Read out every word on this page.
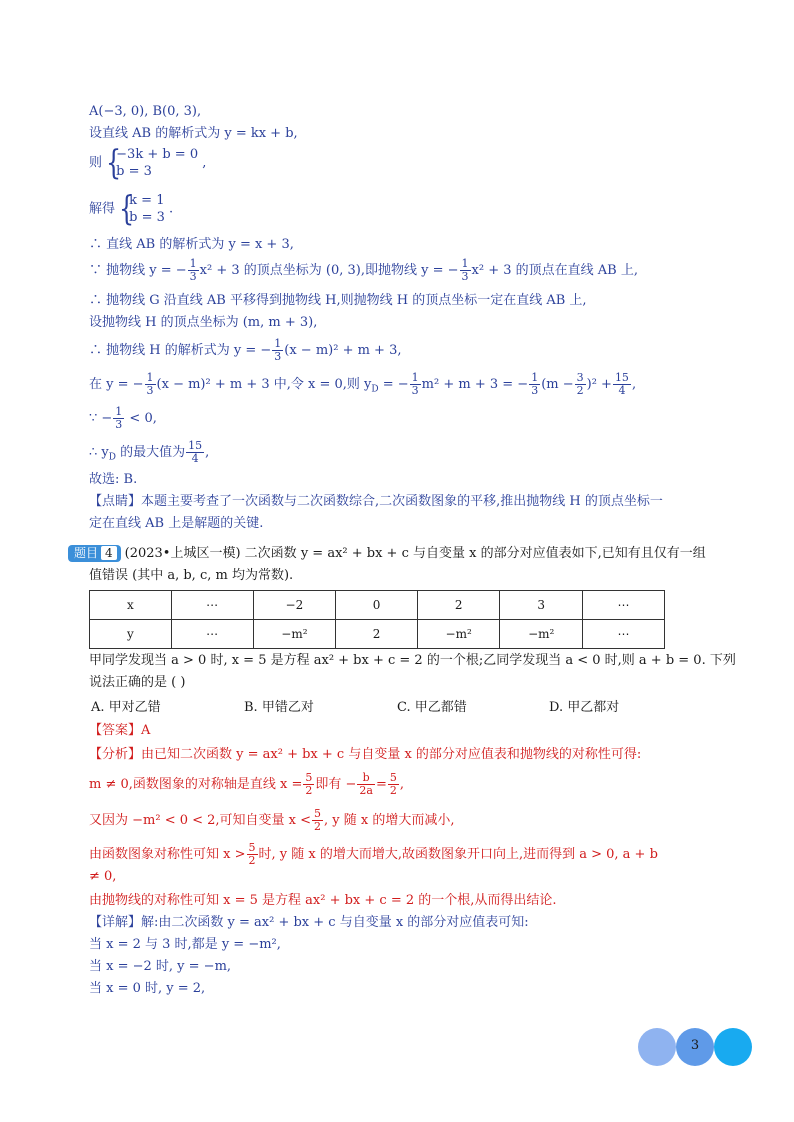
A(−3, 0), B(0, 3),
设直线 AB 的解析式为 y = kx + b,
则 {
−3k + b = 0
b = 3
,
解得 {
k = 1
b = 3
.
∴ 直线 AB 的解析式为 y = x + 3,
∵ 抛物线 y = − $\frac{1}{3} x^2 + 3$ 的顶点坐标为 (0, 3),即抛物线 y = − $\frac{1}{3} x^2 + 3$ 的顶点在直线 AB 上,
∴ 抛物线 G 沿直线 AB 平移得到抛物线 H,则抛物线 H 的顶点坐标一定在直线 AB 上,
设抛物线 H 的顶点坐标为 (m, m + 3),
∴ 抛物线 H 的解析式为 y = − $\frac{1}{3} (x - m)^2 + m + 3$,
在 y = − $\frac{1}{3} (x - m)^2 + m + 3$ 中,令 x = 0,则 $y_D$ = − $\frac{1}{3} m^2 + m + 3$ = − $\frac{1}{3} (m - \frac{3}{2} )^2 + \frac{15}{4}$ ,
∵ − $\frac{1}{3} < 0$,
∴ $y_D$ 的最大值为 $\frac{15}{4}$ ,
故选: B.
【点睛】本题主要考查了一次函数与二次函数综合,二次函数图象的平移,推出抛物线 H 的顶点坐标一
定在直线 AB 上是解题的关键.
题目 4 (2023•上城区一模) 二次函数 y = ax² + bx + c 与自变量 x 的部分对应值表如下,已知有且仅有一组
值错误 (其中 a, b, c, m 均为常数).
x	⋯	−2	0	2	3	⋯
y	⋯	−m²	2	−m²	−m²	⋯
甲同学发现当 a > 0 时, x = 5 是方程 ax² + bx + c = 2 的一个根;乙同学发现当 a < 0 时,则 a + b = 0. 下列
说法正确的是 ( )
A. 甲对乙错	B. 甲错乙对	C. 甲乙都错	D. 甲乙都对
【答案】A
【分析】由已知二次函数 y = ax² + bx + c 与自变量 x 的部分对应值表和抛物线的对称性可得:
m ≠ 0,函数图象的对称轴是直线 $x = \frac{5}{2}$ 即有 − $\frac{b}{2a} = \frac{5}{2}$ ,
又因为 −m² < 0 < 2,可知自变量 $x < \frac{5}{2}$ , y 随 x 的增大而减小,
由函数图象对称性可知 $x > \frac{5}{2}$ 时, y 随 x 的增大而增大,故函数图象开口向上,进而得到 a > 0, a + b
≠ 0,
由抛物线的对称性可知 x = 5 是方程 ax² + bx + c = 2 的一个根,从而得出结论.
【详解】解:由二次函数 y = ax² + bx + c 与自变量 x 的部分对应值表可知:
当 x = 2 与 3 时,都是 y = −m²,
当 x = −2 时, y = −m,
当 x = 0 时, y = 2,
3
